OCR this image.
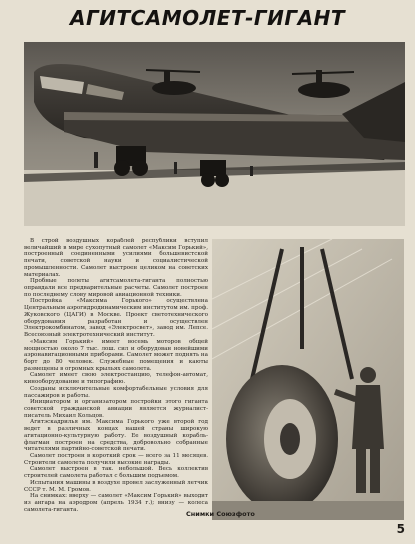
АГИТСАМОЛЕТ-ГИГАНТ

В строй воздушных кораблей республики вступил величайший в мире сухопутный самолет «Максим Горький», построенный соединенными усилиями большевистской печати, советской науки и социалистической промышленности. Самолет выстроен целиком на советских материалах.

Пробные полеты агитсамолета-гиганта полностью оправдали все предварительные расчеты. Самолет построен по последнему слову мировой авиационной техники.

Постройка «Максима Горького» осуществлена Центральным аэрогидродинамическим институтом им. проф. Жуковского (ЦАГИ) в Москве. Проект светотехнического оборудования разработан и осуществлен Электрокомбинатом, завод «Электросвет», завод им. Лепсе. Всесоюзный электротехнический институт.

«Максим Горький» имеет восемь моторов общей мощностью около 7 тыс. лош. сил и оборудован новейшими аэронавигационными приборами. Самолет может поднять на борт до 80 человек. Служебные помещения и каюты размещены в огромных крыльях самолета.

Самолет имеет свою электростанцию, телефон-автомат, кинооборудование и типографию.

Созданы исключительные комфортабельные условия для пассажиров и работы.

Инициатором и организатором постройки этого гиганта советской гражданской авиации является журналист-писатель Михаил Кольцов.

Агитэскадрилья им. Максима Горького уже второй год ведет в различных концах нашей страны широкую агитационно-культурную работу. Ее воздушный корабль-флагман построен на средства, добровольно собранные читателями партийно-советской печати.

Самолет построен в короткий срок — всего за 11 месяцев. Строители самолета получили высокие награды.

Самолет выстроен в так. небольшой. Весь коллектив строителей самолета работал с большим подъемом.

Испытания машины в воздухе провел заслуженный летчик СССР т. М. М. Громов.

На снимках: вверху — самолет «Максим Горький» выходит из ангара на аэродром (апрель 1934 г.); внизу — колеса самолета-гиганта.

Снимки Союзфото
5
